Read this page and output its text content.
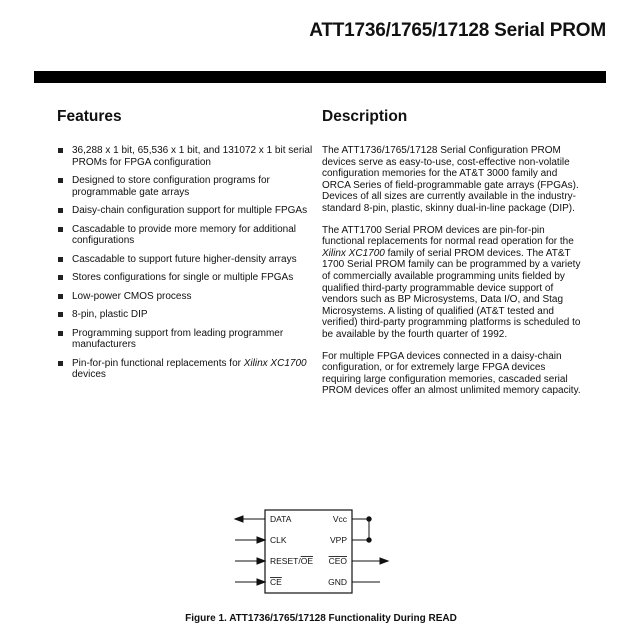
ATT1736/1765/17128 Serial PROM
Features
36,288 x 1 bit, 65,536 x 1 bit, and 131072 x 1 bit serial PROMs for FPGA configuration
Designed to store configuration programs for programmable gate arrays
Daisy-chain configuration support for multiple FPGAs
Cascadable to provide more memory for additional configurations
Cascadable to support future higher-density arrays
Stores configurations for single or multiple FPGAs
Low-power CMOS process
8-pin, plastic DIP
Programming support from leading programmer manufacturers
Pin-for-pin functional replacements for Xilinx XC1700 devices
Description

The ATT1736/1765/17128 Serial Configuration PROM devices serve as easy-to-use, cost-effective non-volatile configuration memories for the AT&T 3000 family and ORCA Series of field-programmable gate arrays (FPGAs). Devices of all sizes are currently available in the industry-standard 8-pin, plastic, skinny dual-in-line package (DIP).

The ATT1700 Serial PROM devices are pin-for-pin functional replacements for normal read operation for the Xilinx XC1700 family of serial PROM devices. The AT&T 1700 Serial PROM family can be programmed by a variety of commercially available programming units fielded by qualified third-party programmable device support of vendors such as BP Microsystems, Data I/O, and Stag Microsystems. A listing of qualified (AT&T tested and verified) third-party programming platforms is scheduled to be available by the fourth quarter of 1992.

For multiple FPGA devices connected in a daisy-chain configuration, or for extremely large FPGA devices requiring large configuration memories, cascaded serial PROM devices offer an almost unlimited memory capacity.

DATA
CLK
RESET/OE
CE
Vcc
VPP
CEO
GND
Figure 1. ATT1736/1765/17128 Functionality During READ
